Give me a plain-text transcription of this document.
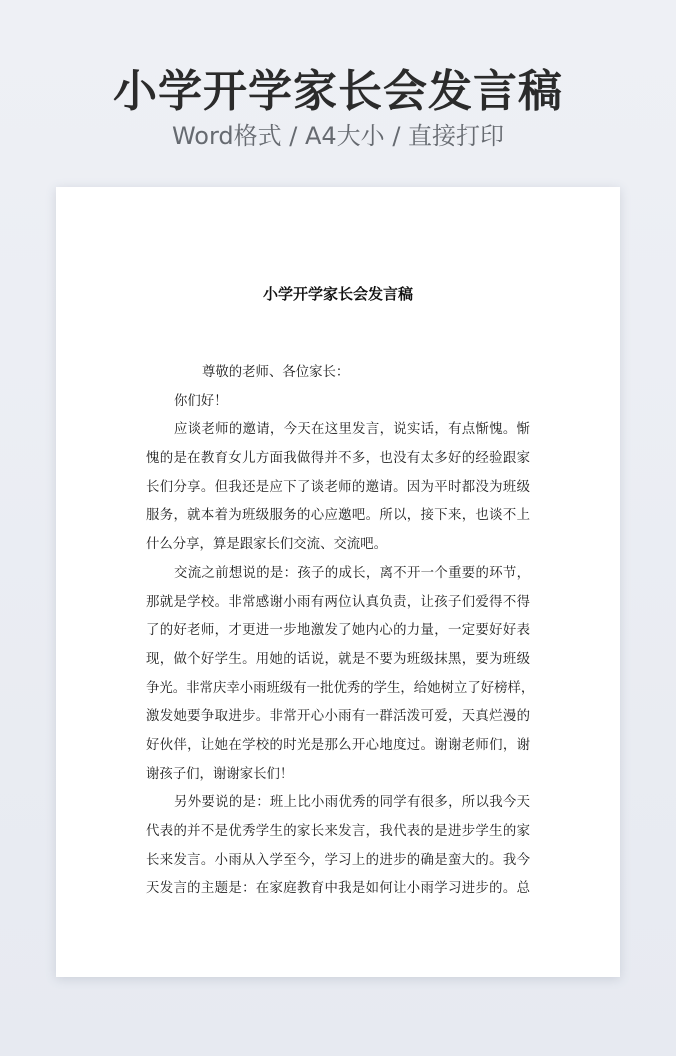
小学开学家长会发言稿
Word格式 / A4大小 / 直接打印
小学开学家长会发言稿
尊敬的老师、各位家长：
你们好！
应谈老师的邀请，今天在这里发言，说实话，有点惭愧。惭
愧的是在教育女儿方面我做得并不多，也没有太多好的经验跟家
长们分享。但我还是应下了谈老师的邀请。因为平时都没为班级
服务，就本着为班级服务的心应邀吧。所以，接下来，也谈不上
什么分享，算是跟家长们交流、交流吧。
交流之前想说的是：孩子的成长，离不开一个重要的环节，
那就是学校。非常感谢小雨有两位认真负责，让孩子们爱得不得
了的好老师，才更进一步地激发了她内心的力量，一定要好好表
现，做个好学生。用她的话说，就是不要为班级抹黑，要为班级
争光。非常庆幸小雨班级有一批优秀的学生，给她树立了好榜样，
激发她要争取进步。非常开心小雨有一群活泼可爱，天真烂漫的
好伙伴，让她在学校的时光是那么开心地度过。谢谢老师们，谢
谢孩子们，谢谢家长们！
另外要说的是：班上比小雨优秀的同学有很多，所以我今天
代表的并不是优秀学生的家长来发言，我代表的是进步学生的家
长来发言。小雨从入学至今，学习上的进步的确是蛮大的。我今
天发言的主题是：在家庭教育中我是如何让小雨学习进步的。总
